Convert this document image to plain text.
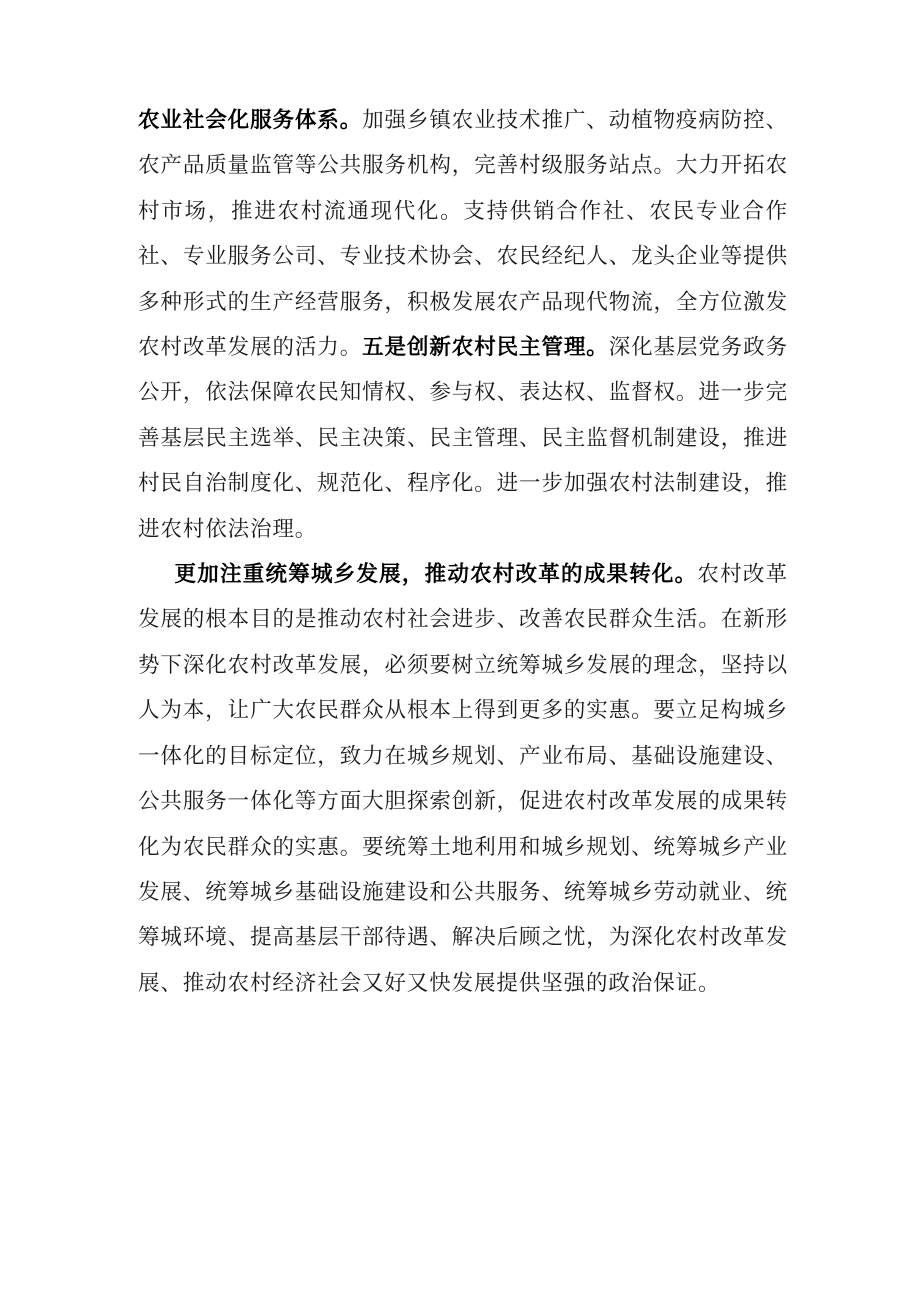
农业社会化服务体系。加强乡镇农业技术推广、动植物疫病防控、农产品质量监管等公共服务机构，完善村级服务站点。大力开拓农村市场，推进农村流通现代化。支持供销合作社、农民专业合作社、专业服务公司、专业技术协会、农民经纪人、龙头企业等提供多种形式的生产经营服务，积极发展农产品现代物流，全方位激发农村改革发展的活力。五是创新农村民主管理。深化基层党务政务公开，依法保障农民知情权、参与权、表达权、监督权。进一步完善基层民主选举、民主决策、民主管理、民主监督机制建设，推进村民自治制度化、规范化、程序化。进一步加强农村法制建设，推进农村依法治理。

更加注重统筹城乡发展，推动农村改革的成果转化。农村改革发展的根本目的是推动农村社会进步、改善农民群众生活。在新形势下深化农村改革发展，必须要树立统筹城乡发展的理念，坚持以人为本，让广大农民群众从根本上得到更多的实惠。要立足构城乡一体化的目标定位，致力在城乡规划、产业布局、基础设施建设、公共服务一体化等方面大胆探索创新，促进农村改革发展的成果转化为农民群众的实惠。要统筹土地利用和城乡规划、统筹城乡产业发展、统筹城乡基础设施建设和公共服务、统筹城乡劳动就业、统筹城环境、提高基层干部待遇、解决后顾之忧，为深化农村改革发展、推动农村经济社会又好又快发展提供坚强的政治保证。
